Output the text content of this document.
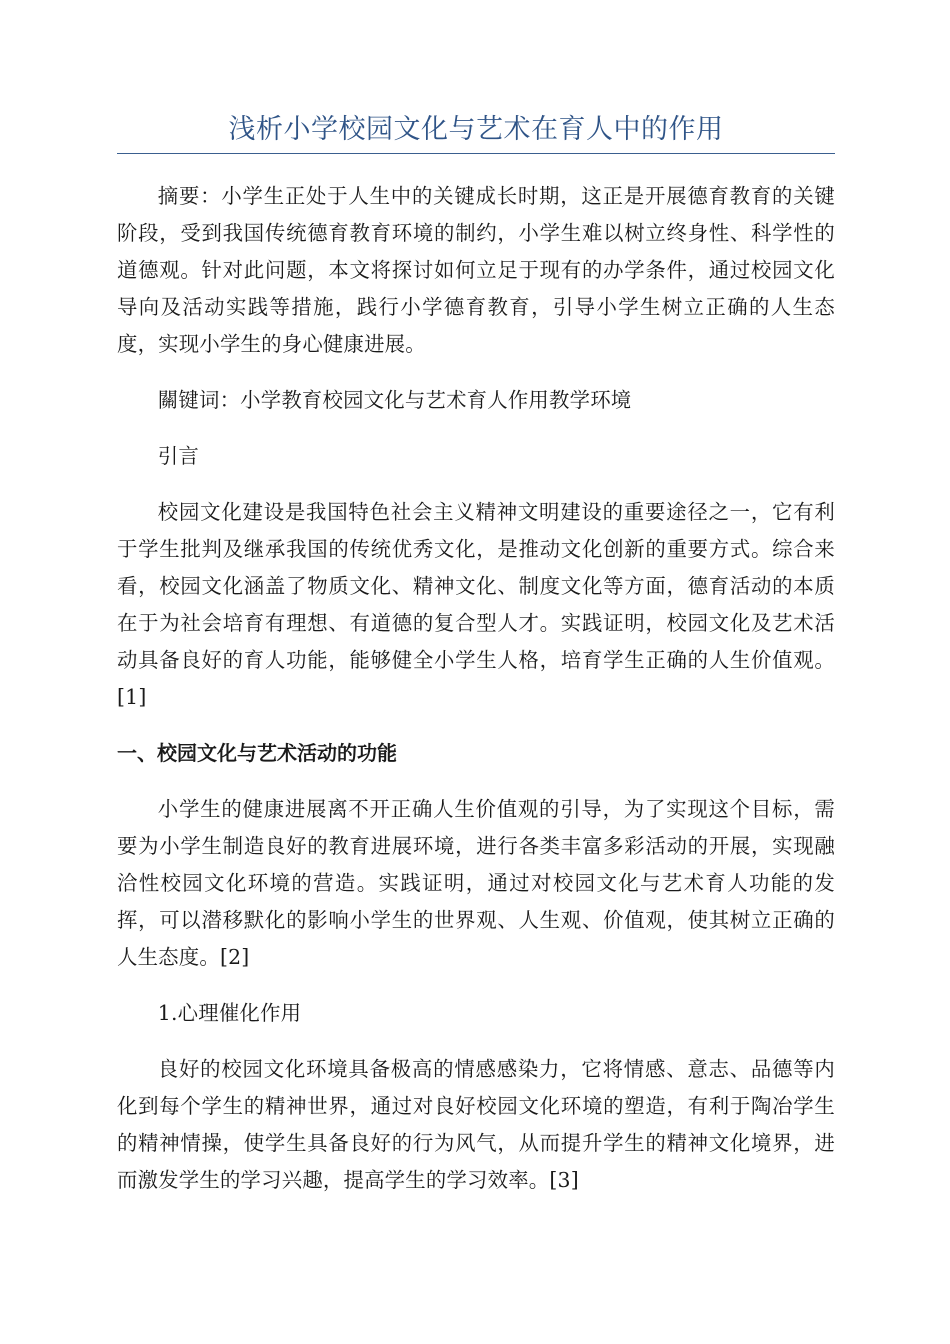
浅析小学校园文化与艺术在育人中的作用

摘要：小学生正处于人生中的关键成长时期，这正是开展德育教育的关键阶段，受到我国传统德育教育环境的制约，小学生难以树立终身性、科学性的道德观。针对此问题，本文将探讨如何立足于现有的办学条件，通过校园文化导向及活动实践等措施，践行小学德育教育，引导小学生树立正确的人生态度，实现小学生的身心健康进展。

關键词：小学教育校园文化与艺术育人作用教学环境

引言

校园文化建设是我国特色社会主义精神文明建设的重要途径之一，它有利于学生批判及继承我国的传统优秀文化，是推动文化创新的重要方式。综合来看，校园文化涵盖了物质文化、精神文化、制度文化等方面，德育活动的本质在于为社会培育有理想、有道德的复合型人才。实践证明，校园文化及艺术活动具备良好的育人功能，能够健全小学生人格，培育学生正确的人生价值观。[1]

一、校园文化与艺术活动的功能

小学生的健康进展离不开正确人生价值观的引导，为了实现这个目标，需要为小学生制造良好的教育进展环境，进行各类丰富多彩活动的开展，实现融洽性校园文化环境的营造。实践证明，通过对校园文化与艺术育人功能的发挥，可以潜移默化的影响小学生的世界观、人生观、价值观，使其树立正确的人生态度。[2]

1.心理催化作用

良好的校园文化环境具备极高的情感感染力，它将情感、意志、品德等内化到每个学生的精神世界，通过对良好校园文化环境的塑造，有利于陶冶学生的精神情操，使学生具备良好的行为风气，从而提升学生的精神文化境界，进而激发学生的学习兴趣，提高学生的学习效率。[3]
